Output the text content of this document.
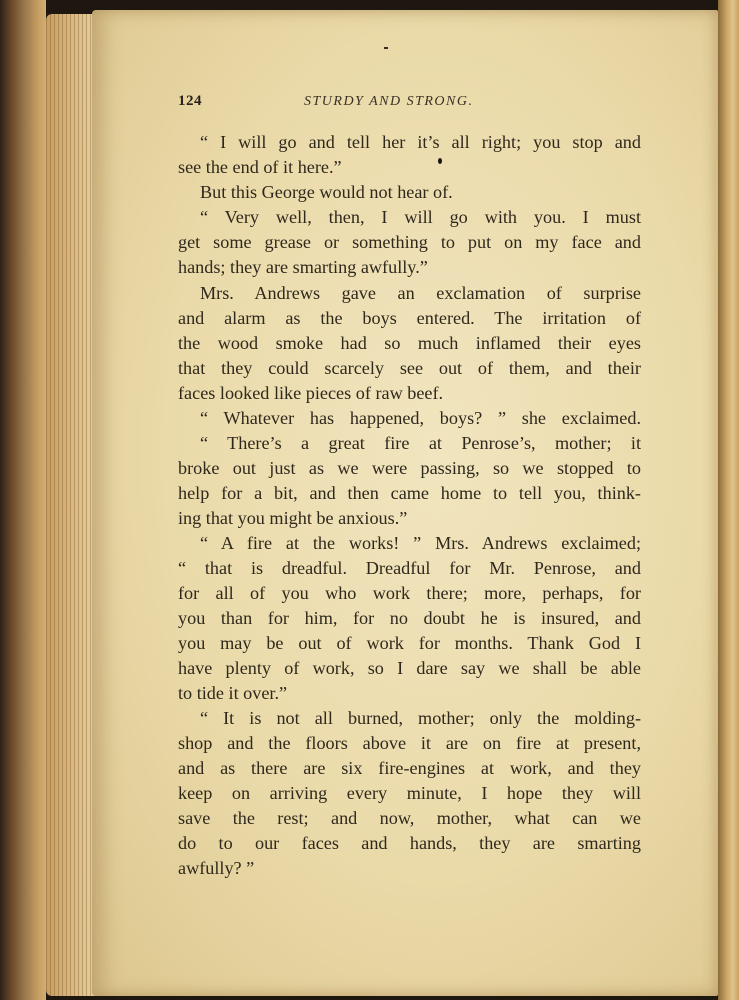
124	STURDY AND STRONG.
“ I will go and tell her it’s all right; you stop and
see the end of it here.”
But this George would not hear of.
“ Very well, then, I will go with you. I must
get some grease or something to put on my face and
hands; they are smarting awfully.”
Mrs. Andrews gave an exclamation of surprise
and alarm as the boys entered. The irritation of
the wood smoke had so much inflamed their eyes
that they could scarcely see out of them, and their
faces looked like pieces of raw beef.
“ Whatever has happened, boys? ” she exclaimed.
“ There’s a great fire at Penrose’s, mother; it
broke out just as we were passing, so we stopped to
help for a bit, and then came home to tell you, think-
ing that you might be anxious.”
“ A fire at the works! ” Mrs. Andrews exclaimed;
“ that is dreadful. Dreadful for Mr. Penrose, and
for all of you who work there; more, perhaps, for
you than for him, for no doubt he is insured, and
you may be out of work for months. Thank God I
have plenty of work, so I dare say we shall be able
to tide it over.”
“ It is not all burned, mother; only the molding-
shop and the floors above it are on fire at present,
and as there are six fire-engines at work, and they
keep on arriving every minute, I hope they will
save the rest; and now, mother, what can we
do to our faces and hands, they are smarting
awfully? ”
